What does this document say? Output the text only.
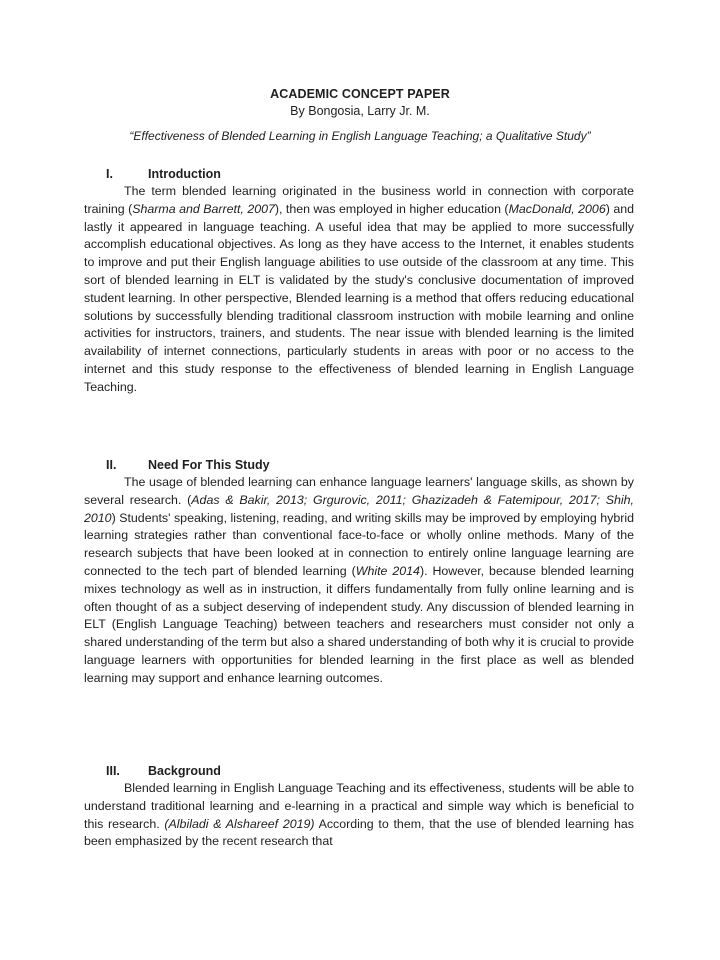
ACADEMIC CONCEPT PAPER

By Bongosia, Larry Jr. M.

“Effectiveness of Blended Learning in English Language Teaching; a Qualitative Study”

I.	Introduction

The term blended learning originated in the business world in connection with corporate training (Sharma and Barrett, 2007), then was employed in higher education (MacDonald, 2006) and lastly it appeared in language teaching. A useful idea that may be applied to more successfully accomplish educational objectives. As long as they have access to the Internet, it enables students to improve and put their English language abilities to use outside of the classroom at any time. This sort of blended learning in ELT is validated by the study's conclusive documentation of improved student learning. In other perspective, Blended learning is a method that offers reducing educational solutions by successfully blending traditional classroom instruction with mobile learning and online activities for instructors, trainers, and students. The near issue with blended learning is the limited availability of internet connections, particularly students in areas with poor or no access to the internet and this study response to the effectiveness of blended learning in English Language Teaching.

II.	Need For This Study

The usage of blended learning can enhance language learners' language skills, as shown by several research. (Adas & Bakir, 2013; Grgurovic, 2011; Ghazizadeh & Fatemipour, 2017; Shih, 2010) Students' speaking, listening, reading, and writing skills may be improved by employing hybrid learning strategies rather than conventional face-to-face or wholly online methods. Many of the research subjects that have been looked at in connection to entirely online language learning are connected to the tech part of blended learning (White 2014). However, because blended learning mixes technology as well as in instruction, it differs fundamentally from fully online learning and is often thought of as a subject deserving of independent study. Any discussion of blended learning in ELT (English Language Teaching) between teachers and researchers must consider not only a shared understanding of the term but also a shared understanding of both why it is crucial to provide language learners with opportunities for blended learning in the first place as well as blended learning may support and enhance learning outcomes.

III. Background

Blended learning in English Language Teaching and its effectiveness, students will be able to understand traditional learning and e-learning in a practical and simple way which is beneficial to this research. (Albiladi & Alshareef 2019) According to them, that the use of blended learning has been emphasized by the recent research that
